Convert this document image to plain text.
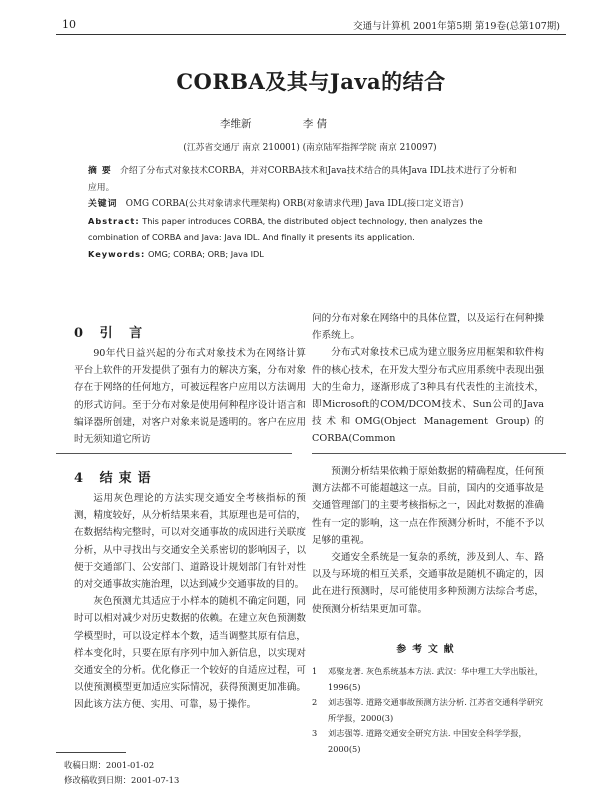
10	交通与计算机 2001年第5期 第19卷(总第107期)
CORBA及其与Java的结合
李维新	李 倩
(江苏省交通厅 南京 210001) (南京陆军指挥学院 南京 210097)

摘 要 介绍了分布式对象技术CORBA，并对CORBA技术和Java技术结合的具体Java IDL技术进行了分析和应用。

关键词 OMG CORBA(公共对象请求代理架构) ORB(对象请求代理) Java IDL(接口定义语言)

Abstract: This paper introduces CORBA, the distributed object technology, then analyzes the combination of CORBA and Java: Java IDL. And finally it presents its application.

Keywords: OMG; CORBA; ORB; Java IDL

0 引 言

90年代日益兴起的分布式对象技术为在网络计算平台上软件的开发提供了强有力的解决方案，分布对象存在于网络的任何地方，可被远程客户应用以方法调用的形式访问。至于分布对象是使用何种程序设计语言和编译器所创建，对客户对象来说是透明的。客户在应用时无须知道它所访

问的分布对象在网络中的具体位置，以及运行在何种操作系统上。

分布式对象技术已成为建立服务应用框架和软件构件的核心技术，在开发大型分布式应用系统中表现出强大的生命力，逐渐形成了3种具有代表性的主流技术，即Microsoft的COM/DCOM技术、Sun公司的Java技术和OMG(Object Management Group)的CORBA(Common

4 结束语

运用灰色理论的方法实现交通安全考核指标的预测，精度较好，从分析结果来看，其原理也是可信的，在数据结构完整时，可以对交通事故的成因进行关联度分析，从中寻找出与交通安全关系密切的影响因子，以便于交通部门、公安部门、道路设计规划部门有针对性的对交通事故实施治理，以达到减少交通事故的目的。

灰色预测尤其适应于小样本的随机不确定问题，同时可以相对减少对历史数据的依赖。在建立灰色预测数学模型时，可以设定样本个数，适当调整其原有信息，样本变化时，只要在原有序列中加入新信息，以实现对交通安全的分析。优化修正一个较好的自适应过程，可以使预测模型更加适应实际情况，获得预测更加准确。因此该方法方便、实用、可靠，易于操作。

预测分析结果依赖于原始数据的精确程度，任何预测方法都不可能超越这一点。目前，国内的交通事故是交通管理部门的主要考核指标之一，因此对数据的准确性有一定的影响，这一点在作预测分析时，不能不予以足够的重视。

交通安全系统是一复杂的系统，涉及到人、车、路以及与环境的相互关系，交通事故是随机不确定的，因此在进行预测时，尽可能使用多种预测方法综合考虑，使预测分析结果更加可靠。

参考文献
1	邓聚龙著. 灰色系统基本方法. 武汉：华中理工大学出版社，1996(5)
2	刘志强等. 道路交通事故预测方法分析. 江苏省交通科学研究所学报，2000(3)
3	刘志强等. 道路交通安全研究方法. 中国安全科学学报，2000(5)
收稿日期：2001-01-02
修改稿收到日期：2001-07-13
